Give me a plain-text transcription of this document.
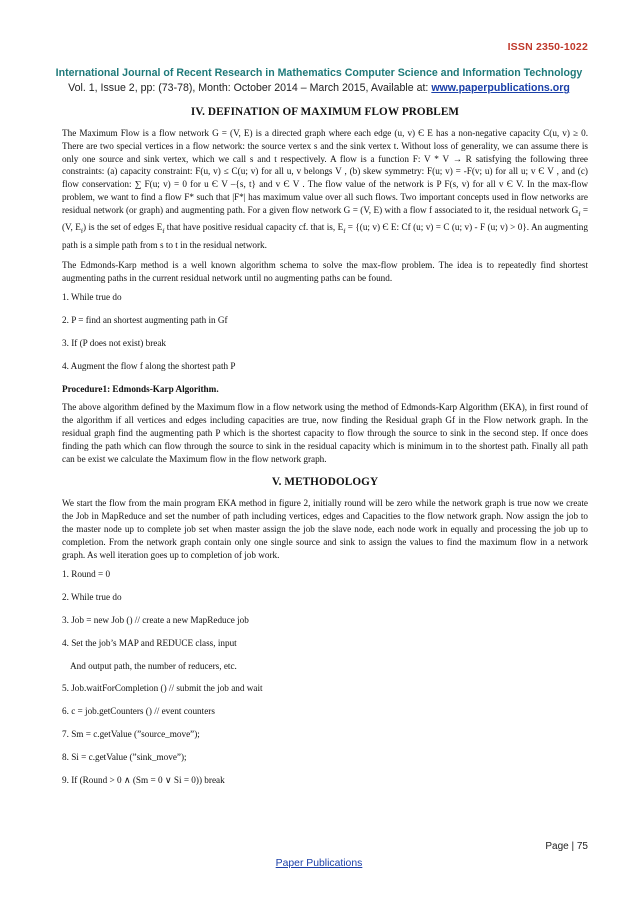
ISSN 2350-1022
International Journal of Recent Research in Mathematics Computer Science and Information Technology
Vol. 1, Issue 2, pp: (73-78), Month: October 2014 – March 2015, Available at: www.paperpublications.org
IV. DEFINATION OF MAXIMUM FLOW PROBLEM

The Maximum Flow is a flow network G = (V, E) is a directed graph where each edge (u, v) Є E has a non-negative capacity C(u, v) ≥ 0. There are two special vertices in a flow network: the source vertex s and the sink vertex t. Without loss of generality, we can assume there is only one source and sink vertex, which we call s and t respectively. A flow is a function F: V * V → R satisfying the following three constraints: (a) capacity constraint: F(u, v) ≤ C(u; v) for all u, v belongs V , (b) skew symmetry: F(u; v) = -F(v; u) for all u; v Є V , and (c) flow conservation: ∑ F(u; v) = 0 for u Є V –{s, t} and v Є V . The flow value of the network is P F(s, v) for all v Є V. In the max-flow problem, we want to find a flow F* such that |F*| has maximum value over all such flows. Two important concepts used in flow networks are residual network (or graph) and augmenting path. For a given flow network G = (V, E) with a flow f associated to it, the residual network $G_f = (V$, $E_f$) is the set of edges $E_f$ that have positive residual capacity cf. that is, $E_f = \{(u$; v) Є E: Cf (u; v) = C (u; v) - F (u; v) > 0}. An augmenting path is a simple path from s to t in the residual network.

The Edmonds-Karp method is a well known algorithm schema to solve the max-flow problem. The idea is to repeatedly find shortest augmenting paths in the current residual network until no augmenting paths can be found.

1. While true do

2. P = find an shortest augmenting path in Gf

3. If (P does not exist) break

4. Augment the flow f along the shortest path P

Procedure1: Edmonds-Karp Algorithm.

The above algorithm defined by the Maximum flow in a flow network using the method of Edmonds-Karp Algorithm (EKA), in first round of the algorithm if all vertices and edges including capacities are true, now finding the Residual graph Gf in the Flow network graph. In the residual graph find the augmenting path P which is the shortest capacity to flow through the source to sink in the second step. If once does finding the path which can flow through the source to sink in the residual capacity which is minimum in to the shortest path. Finally all path can be exist we calculate the Maximum flow in the flow network graph.

V. METHODOLOGY

We start the flow from the main program EKA method in figure 2, initially round will be zero while the network graph is true now we create the Job in MapReduce and set the number of path including vertices, edges and Capacities to the flow network graph. Now assign the job to the master node up to complete job set when master assign the job the slave node, each node work in equally and processing the job up to completion. From the network graph contain only one single source and sink to assign the values to find the maximum flow in a network graph. As well iteration goes up to completion of job work.

1. Round = 0

2. While true do

3. Job = new Job () // create a new MapReduce job

4. Set the job’s MAP and REDUCE class, input

And output path, the number of reducers, etc.

5. Job.waitForCompletion () // submit the job and wait

6. c = job.getCounters () // event counters

7. Sm = c.getValue (”source_move”);

8. Si = c.getValue (”sink_move”);

9. If (Round > 0 ∧ (Sm = 0 ∨ Si = 0)) break

Page | 75
Paper Publications
